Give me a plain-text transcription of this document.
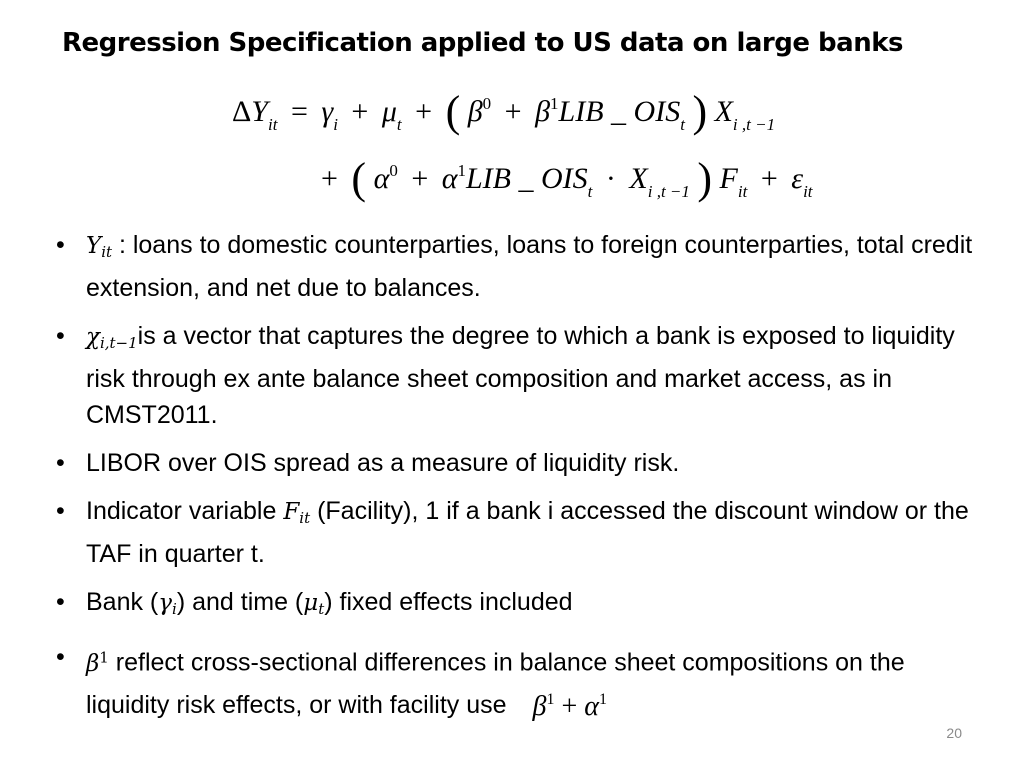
Regression Specification applied to US data on large banks
$\Delta Y_{it} = \gamma_i + \mu_t$ + ( $\beta^0 + \beta^1LIB$ _ $OIS_t$ ) $X_{i ,t -1}$
+ ( $\alpha^0 + \alpha^1LIB$ _ $OIS_t \cdot X_{i ,t -1}$ ) $F_{it} + \varepsilon_{it}$
• $Y_{it}$ : loans to domestic counterparties, loans to foreign counterparties, total credit extension, and net due to balances.
• $\chi_{i,t-1}is$ a vector that captures the degree to which a bank is exposed to liquidity risk through ex ante balance sheet composition and market access, as in CMST2011.
• LIBOR over OIS spread as a measure of liquidity risk.
• Indicator variable $F_{it}$ (Facility), 1 if a bank i accessed the discount window or the TAF in quarter t.
• Bank $(\gamma_i)$ and time $(\mu_t)$ fixed effects included
• $\beta^1$ reflect cross-sectional differences in balance sheet compositions on the liquidity risk effects, or with facility use $\beta^1 + \alpha^1$
20
